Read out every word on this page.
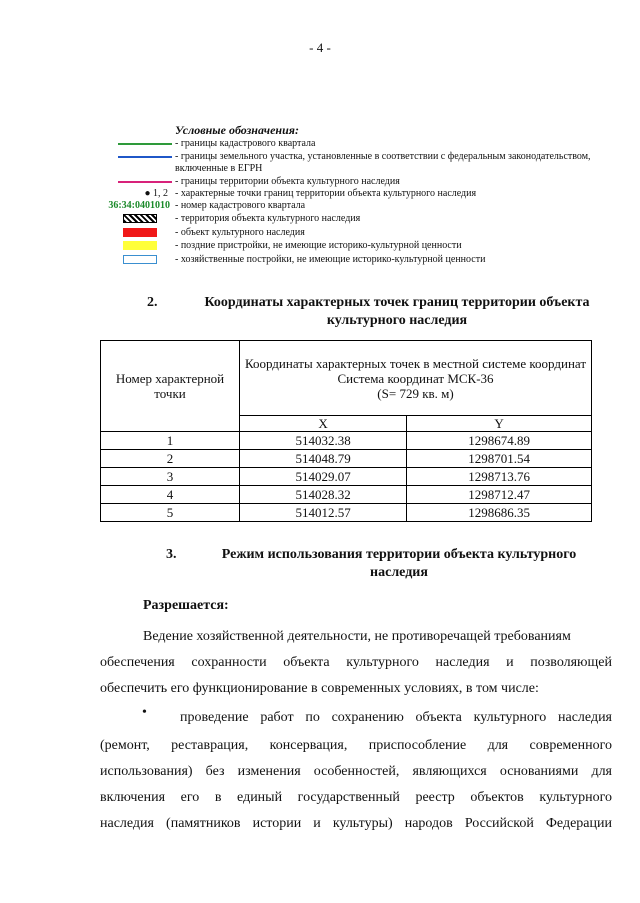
- 4 -
Условные обозначения:
- границы кадастрового квартала
- границы земельного участка, установленные в соответствии с федеральным законодательством, включенные в ЕГРН
- границы территории объекта культурного наследия
● 1, 2 - характерные точки границ территории объекта культурного наследия
36:34:0401010 - номер кадастрового квартала
- территория объекта культурного наследия
- объект культурного наследия
- поздние пристройки, не имеющие историко-культурной ценности
- хозяйственные постройки, не имеющие историко-культурной ценности
2.	Координаты характерных точек границ территории объекта
культурного наследия
Номер характерной точки	Координаты характерных точек в местной системе координат
Система координат МСК-36
(S= 729 кв. м)	

	X	Y
1	514032.38	1298674.89
2	514048.79	1298701.54
3	514029.07	1298713.76
4	514028.32	1298712.47
5	514012.57	1298686.35
3.	Режим использования территории объекта культурного
наследия
Разрешается:
Ведение хозяйственной деятельности, не противоречащей требованиям
обеспечения сохранности объекта культурного наследия и позволяющей
обеспечить его функционирование в современных условиях, в том числе:
• проведение работ по сохранению объекта культурного наследия
(ремонт, реставрация, консервация, приспособление для современного
использования) без изменения особенностей, являющихся основаниями для
включения его в единый государственный реестр объектов культурного
наследия (памятников истории и культуры) народов Российской Федерации
